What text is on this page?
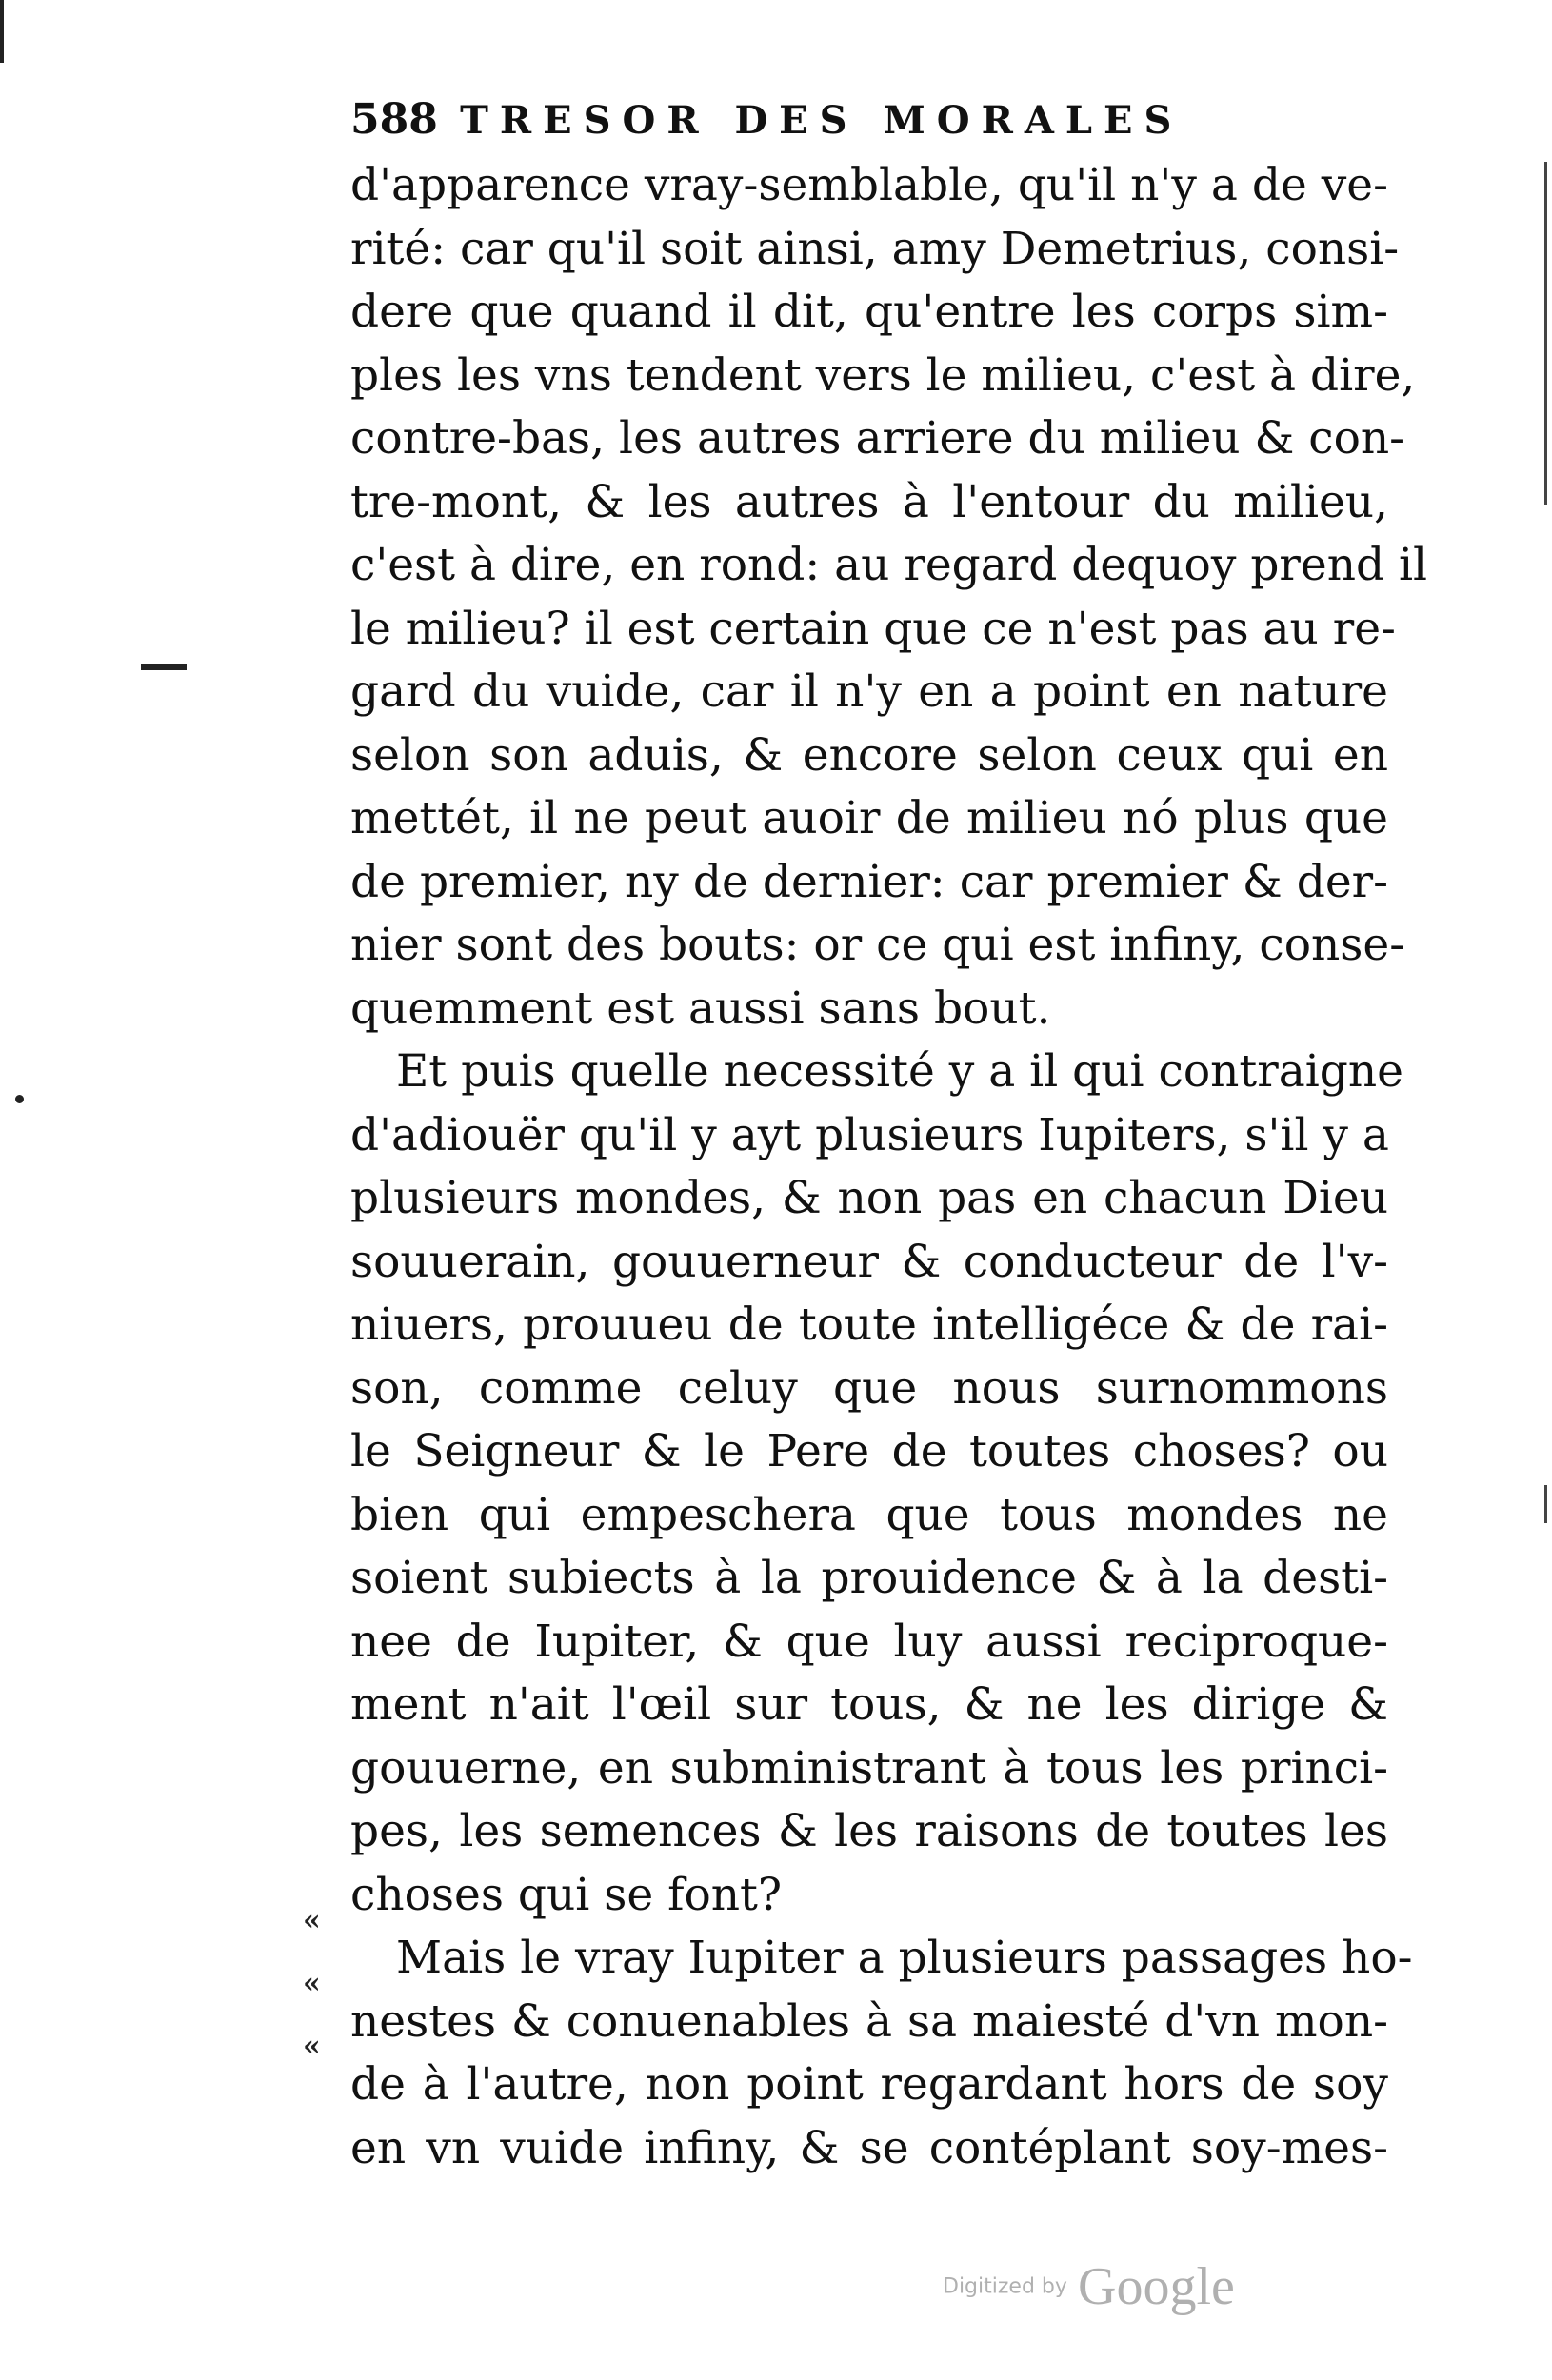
588 TRESOR DES MORALES
«
«
«
d'apparence vray-semblable, qu'il n'y a de ve-
rité: car qu'il soit ainsi, amy Demetrius, consi-
dere que quand il dit, qu'entre les corps sim-
ples les vns tendent vers le milieu, c'est à dire,
contre-bas, les autres arriere du milieu & con-
tre-mont, & les autres à l'entour du milieu,
c'est à dire, en rond: au regard dequoy prend il
le milieu? il est certain que ce n'est pas au re-
gard du vuide, car il n'y en a point en nature
selon son aduis, & encore selon ceux qui en
mettét, il ne peut auoir de milieu nó plus que
de premier, ny de dernier: car premier & der-
nier sont des bouts: or ce qui est infiny, conse-
quemment est aussi sans bout.
Et puis quelle necessité y a il qui contraigne
d'adiouër qu'il y ayt plusieurs Iupiters, s'il y a
plusieurs mondes, & non pas en chacun Dieu
souuerain, gouuerneur & conducteur de l'v-
niuers, prouueu de toute intelligéce & de rai-
son, comme celuy que nous surnommons
le Seigneur & le Pere de toutes choses? ou
bien qui empeschera que tous mondes ne
soient subiects à la prouidence & à la desti-
nee de Iupiter, & que luy aussi reciproque-
ment n'ait l'œil sur tous, & ne les dirige &
gouuerne, en subministrant à tous les princi-
pes, les semences & les raisons de toutes les
choses qui se font?
Mais le vray Iupiter a plusieurs passages ho-
nestes & conuenables à sa maiesté d'vn mon-
de à l'autre, non point regardant hors de soy
en vn vuide infiny, & se contéplant soy-mes-
Digitized by Google
